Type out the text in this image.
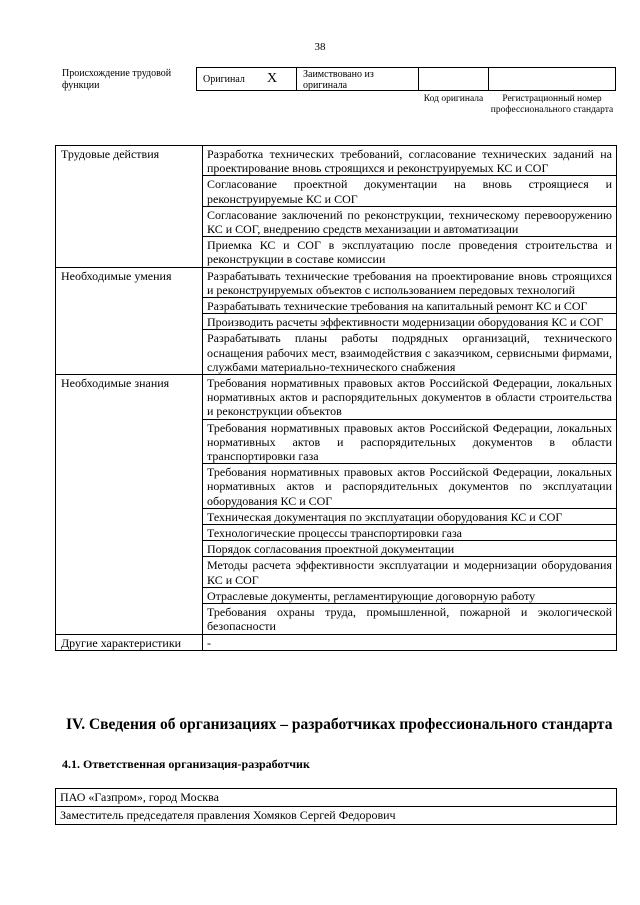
38
Происхождение трудовой функции
Оригинал X	Заимствовано из оригинала
Код оригинала	Регистрационный номер профессионального стандарта
Трудовые действия	Разработка технических требований, согласование технических заданий на проектирование вновь строящихся и реконструируемых КС и СОГ
	Согласование проектной документации на вновь строящиеся и реконструируемые КС и СОГ
	Согласование заключений по реконструкции, техническому перевооружению КС и СОГ, внедрению средств механизации и автоматизации
	Приемка КС и СОГ в эксплуатацию после проведения строительства и реконструкции в составе комиссии
Необходимые умения	Разрабатывать технические требования на проектирование вновь строящихся и реконструируемых объектов с использованием передовых технологий
	Разрабатывать технические требования на капитальный ремонт КС и СОГ
	Производить расчеты эффективности модернизации оборудования КС и СОГ
	Разрабатывать планы работы подрядных организаций, технического оснащения рабочих мест, взаимодействия с заказчиком, сервисными фирмами, службами материально-технического снабжения
Необходимые знания	Требования нормативных правовых актов Российской Федерации, локальных нормативных актов и распорядительных документов в области строительства и реконструкции объектов
	Требования нормативных правовых актов Российской Федерации, локальных нормативных актов и распорядительных документов в области транспортировки газа
	Требования нормативных правовых актов Российской Федерации, локальных нормативных актов и распорядительных документов по эксплуатации оборудования КС и СОГ
	Техническая документация по эксплуатации оборудования КС и СОГ
	Технологические процессы транспортировки газа
	Порядок согласования проектной документации
	Методы расчета эффективности эксплуатации и модернизации оборудования КС и СОГ
	Отраслевые документы, регламентирующие договорную работу
	Требования охраны труда, промышленной, пожарной и экологической безопасности
Другие характеристики	-
IV. Сведения об организациях – разработчиках профессионального стандарта
4.1. Ответственная организация-разработчик
ПАО «Газпром», город Москва
Заместитель председателя правления Хомяков Сергей Федорович
